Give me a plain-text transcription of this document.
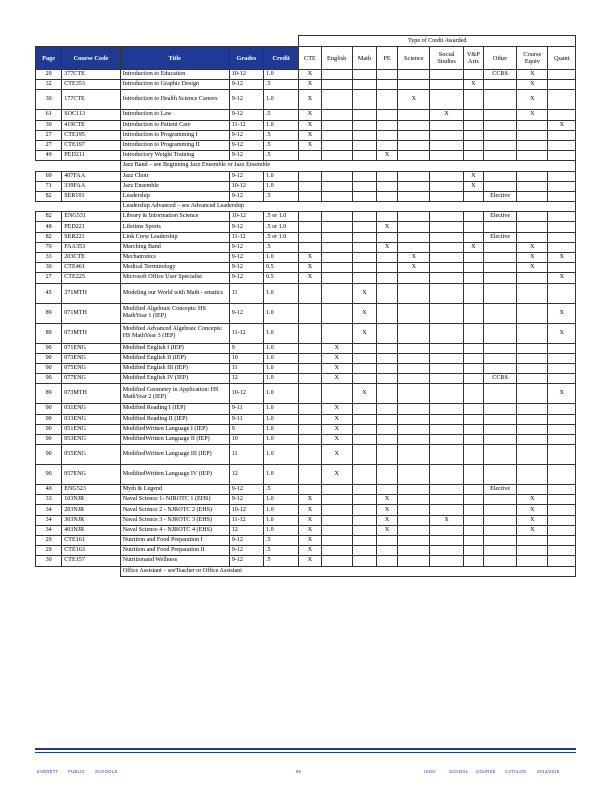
					Type of Credit Awarded									
Page	Course Code	Title	Grades	Credit	CTE	English	Math	PE	Science	Social Studies	V&P Arts	Other	Course Equiv	Quant
29	377CTE	Introduction to Education	10-12	1.0	X							CCRS	X	
32	CTE353	Introduction to Graphic Design	9-12	.5	X						X		X	
30	177CTE	Introduction to Health Science Careers	9-12	1.0	X				X				X	
61	SOC113	Introduction to Law	9-12	.5	X					X			X	
30	419CTE	Introduction to Patient Care	11-12	1.0	X									X
27	CTE195	Introduction to Programming I	9-12	.5	X									
27	CTE197	Introduction to Programming II	9-12	.5	X									
49	PED211	Introductory Weight Training	9-12	.5				X						
		Jazz Band – see Beginning Jazz Ensemble or Jazz Ensemble												
69	407FAA	Jazz Choir	9-12	1.0							X			
71	339FAA	Jazz Ensemble	10-12	1.0							X			
82	SER101	Leadership	9-12	.5								Elective		
		Leadership Advanced – see Advanced Leadership												
82	ENG531	Library & Information Science	10-12	.5 or 1.0								Elective		
48	PED221	Lifetime Sports	9-12	.5 or 1.0				X						
82	SER221	Link Crew Leadership	11-12	.5 or 1.0								Elective		
70	FAA353	Marching Band	9-12	.5				X			X		X	
33	203CTE	Mechatronics	9-12	1.0	X				X				X	X
30	CTE461	Medical Terminology	9-12	0.5	X				X				X	
27	CTE225	Microsoft Office User Specialist	9-12	0.5	X									X
45	371MTH	Modeling our World with Math - ematics	11	1.0			X							
89	071MTH	Modified Algebraic Concepts: HS MathYear 1 (IEP)	9-12	1.0			X							X
89	073MTH	Modified Advanced Algebraic Concepts: HS MathYear 3 (IEP)	11-12	1.0			X							X
90	071ENG	Modified English I (IEP)	9	1.0		X								
90	073ENG	Modified English II (IEP)	10	1.0		X								
90	075ENG	Modified English III (IEP)	11	1.0		X								
90	077ENG	Modified English IV (IEP)	12	1.0		X						CCRS		
89	073MTH	Modified Geometry in Application: HS MathYear 2 (IEP)	10-12	1.0			X							X
90	031ENG	Modified Reading I (IEP)	9-11	1.0		X								
90	033ENG	Modified Reading II (IEP)	9-11	1.0		X								
90	051ENG	ModifiedWritten Language I (IEP)	9	1.0		X								
90	053ENG	ModifiedWritten Language II (IEP)	10	1.0		X								
90	055ENG	ModifiedWritten Language III (IEP)	11	1.0		X								
90	057ENG	ModifiedWritten Language IV (IEP)	12	1.0		X								
40	ENG523	Myth & Legend	9-12	.5								Elective		
33	103NJR	Naval Science 1- NJROTC 1 (EHS)	9-12	1.0	X			X					X	
34	203NJR	Naval Science 2 - NJROTC 2 (EHS)	10-12	1.0	X			X					X	
34	303NJR	Naval Science 3 - NJROTC 3 (EHS)	11-12	1.0	X			X		X			X	
34	403NJR	Naval Science 4 - NJROTC 4 (EHS)	12	1.0	X			X					X	
29	CTE161	Nutrition and Food Preparation I	9-12	.5	X									
29	CTE163	Nutrition and Food Preparation II	9-12	.5	X									
30	CTE157	Nutritionand Wellness	9-12	.5	X									
		Office Assistant – seeTeacher or Office Assistant												
EVERETT PUBLIC SCHOOLS	96	HIGH	SCHOOL COURSE CATALOG	2014/2015
